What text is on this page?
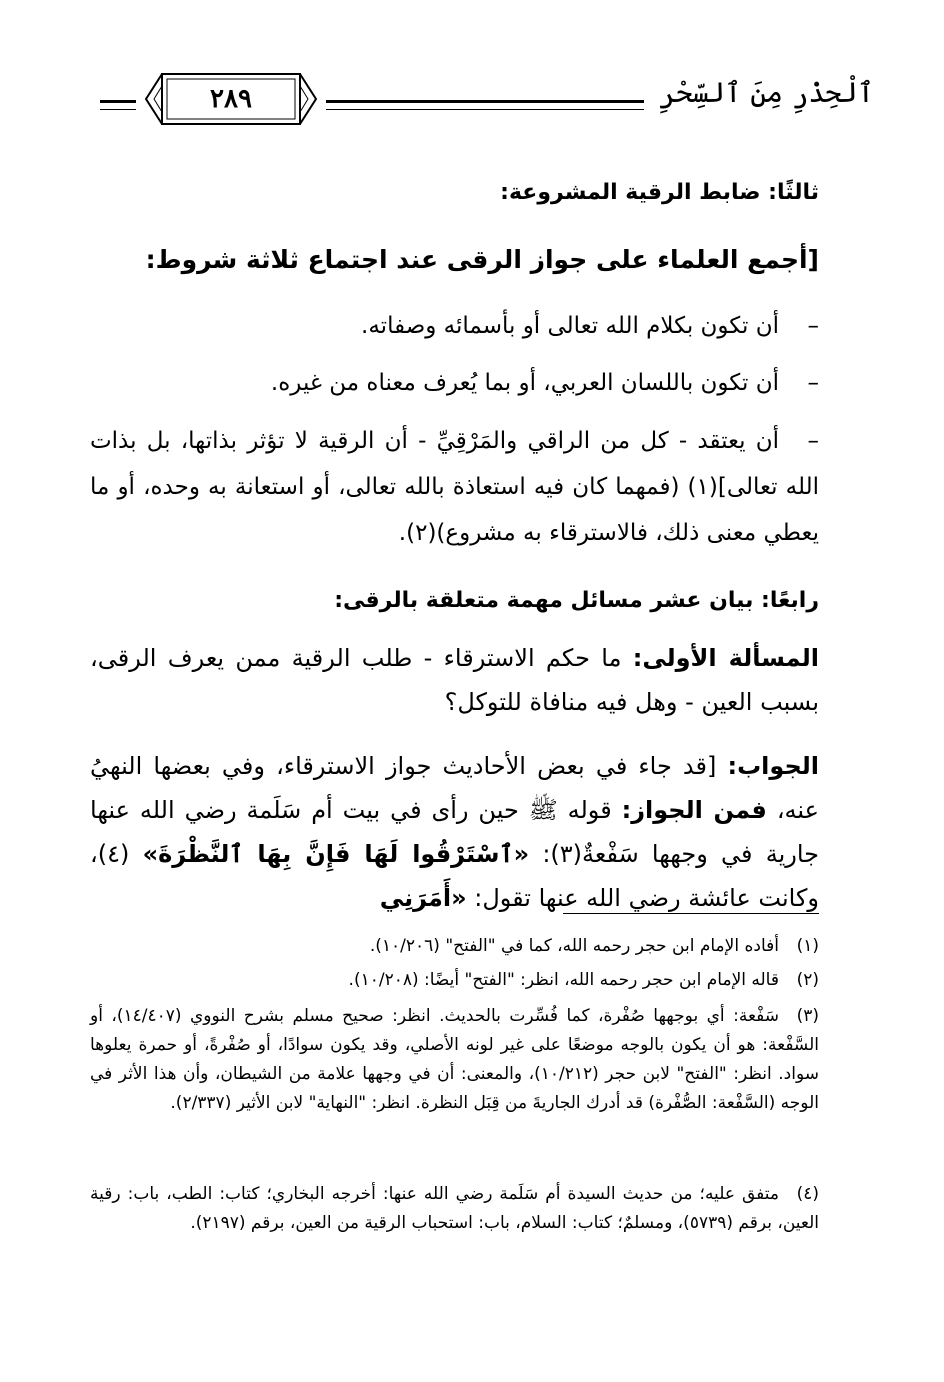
ٱلْحِذْرِ مِنَ ٱلسِّحْرِ
٢٨٩
ثالثًا: ضابط الرقية المشروعة:
[أجمع العلماء على جواز الرقى عند اجتماع ثلاثة شروط:
–أن تكون بكلام الله تعالى أو بأسمائه وصفاته.
–أن تكون باللسان العربي، أو بما يُعرف معناه من غيره.
–أن يعتقد - كل من الراقي والمَرْقِيِّ - أن الرقية لا تؤثر بذاتها، بل بذات الله تعالى](١) (فمهما كان فيه استعاذة بالله تعالى، أو استعانة به وحده، أو ما يعطي معنى ذلك، فالاسترقاء به مشروع)(٢).
رابعًا: بيان عشر مسائل مهمة متعلقة بالرقى:
المسألة الأولى: ما حكم الاسترقاء - طلب الرقية ممن يعرف الرقى، بسبب العين - وهل فيه منافاة للتوكل؟
الجواب: [قد جاء في بعض الأحاديث جواز الاسترقاء، وفي بعضها النهيُ عنه، فمن الجواز: قوله ﷺ حين رأى في بيت أم سَلَمة رضي الله عنها جارية في وجهها سَفْعةٌ(٣): «ٱسْتَرْقُوا لَهَا فَإِنَّ بِهَا ٱلنَّظْرَةَ» (٤)، وكانت عائشة رضي الله عنها تقول: «أَمَرَنِي
(١)أفاده الإمام ابن حجر رحمه الله، كما في "الفتح" (١٠/٢٠٦).
(٢)قاله الإمام ابن حجر رحمه الله، انظر: "الفتح" أيضًا: (١٠/٢٠٨).
(٣)سَفْعة: أي بوجهها صُفْرة، كما فُسِّرت بالحديث. انظر: صحيح مسلم بشرح النووي (١٤/٤٠٧)، أو السَّفْعة: هو أن يكون بالوجه موضعًا على غير لونه الأصلي، وقد يكون سوادًا، أو صُفْرةً، أو حمرة يعلوها سواد. انظر: "الفتح" لابن حجر (١٠/٢١٢)، والمعنى: أن في وجهها علامة من الشيطان، وأن هذا الأثر في الوجه (السَّفْعة: الصُّفْرة) قد أدرك الجاريةَ من قِبَل النظرة. انظر: "النهاية" لابن الأثير (٢/٣٣٧).
(٤)متفق عليه؛ من حديث السيدة أم سَلَمة رضي الله عنها: أخرجه البخاري؛ كتاب: الطب، باب: رقية العين، برقم (٥٧٣٩)، ومسلمٌ؛ كتاب: السلام، باب: استحباب الرقية من العين، برقم (٢١٩٧).
